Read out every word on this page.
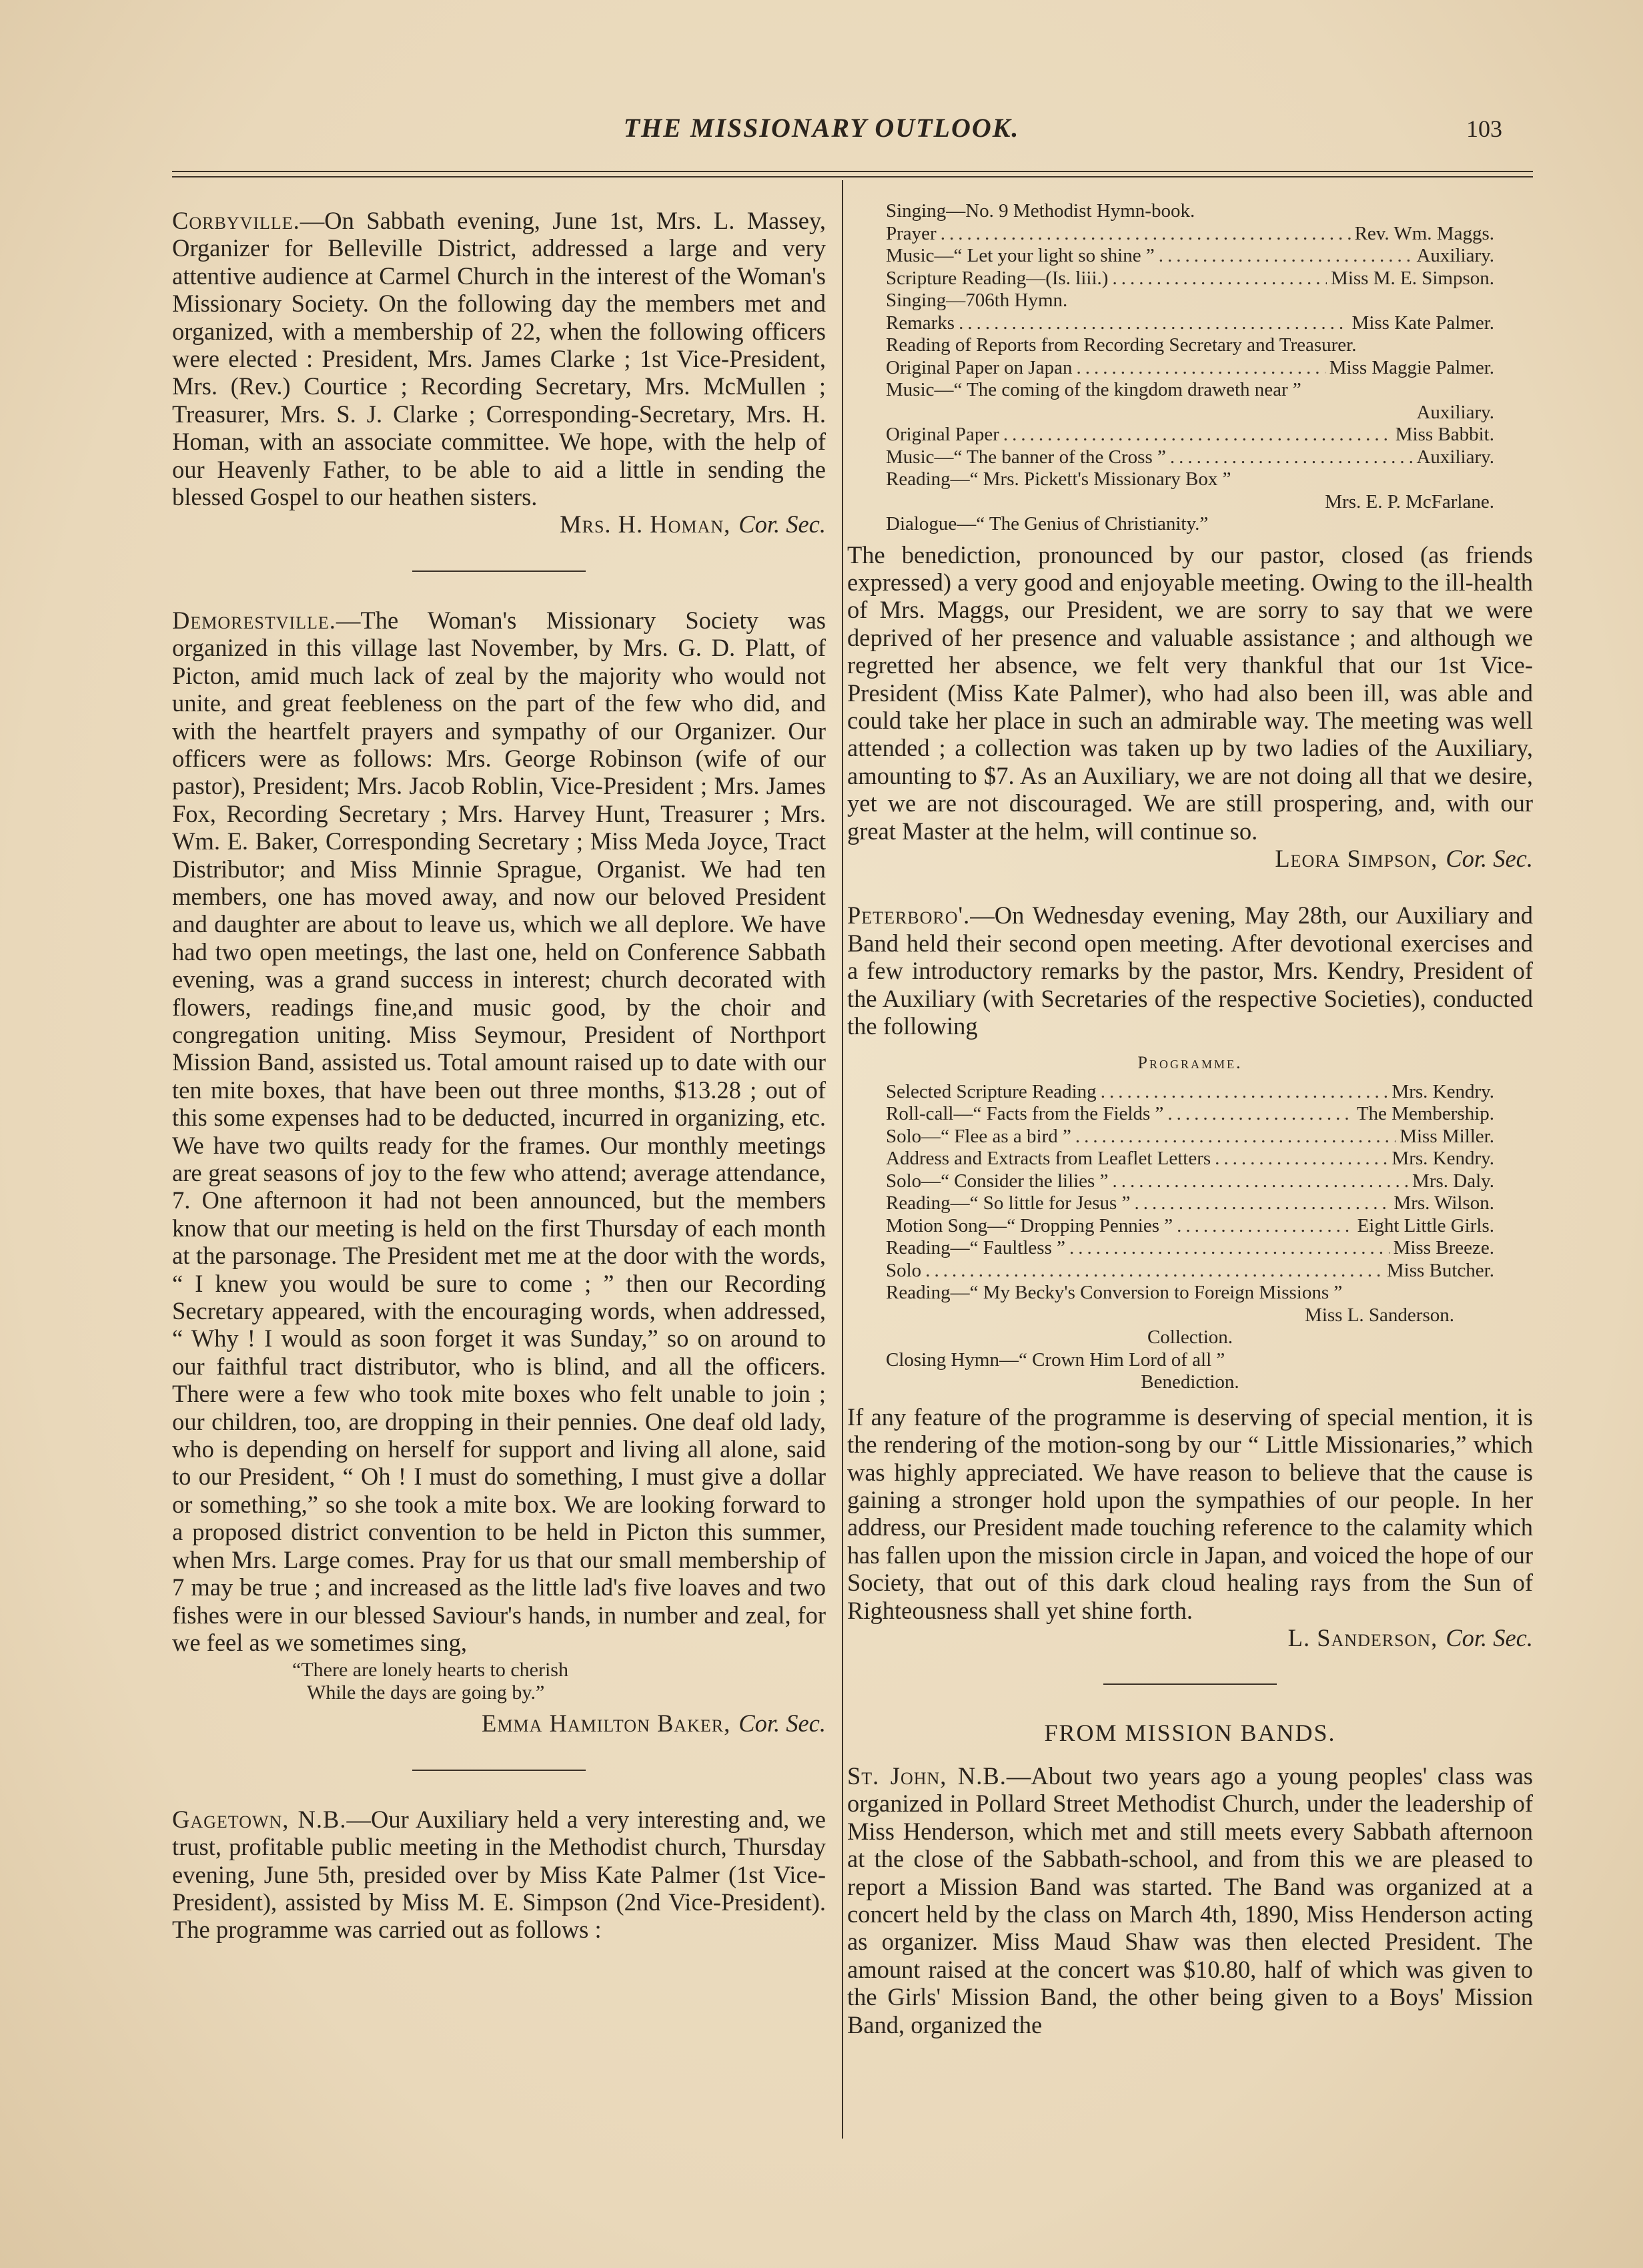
THE MISSIONARY OUTLOOK.	103

Corbyville.—On Sabbath evening, June 1st, Mrs. L. Massey, Organizer for Belleville District, addressed a large and very attentive audience at Carmel Church in the interest of the Woman's Missionary Society. On the following day the members met and organized, with a membership of 22, when the following officers were elected : President, Mrs. James Clarke ; 1st Vice-President, Mrs. (Rev.) Courtice ; Recording Secretary, Mrs. McMullen ; Treasurer, Mrs. S. J. Clarke ; Corresponding-Secretary, Mrs. H. Homan, with an associate committee. We hope, with the help of our Heavenly Father, to be able to aid a little in sending the blessed Gospel to our heathen sisters.

Mrs. H. Homan, Cor. Sec.

Demorestville.—The Woman's Missionary Society was organized in this village last November, by Mrs. G. D. Platt, of Picton, amid much lack of zeal by the majority who would not unite, and great feebleness on the part of the few who did, and with the heartfelt prayers and sympathy of our Organizer. Our officers were as follows: Mrs. George Robinson (wife of our pastor), President; Mrs. Jacob Roblin, Vice-President ; Mrs. James Fox, Recording Secretary ; Mrs. Harvey Hunt, Treasurer ; Mrs. Wm. E. Baker, Corresponding Secretary ; Miss Meda Joyce, Tract Distributor; and Miss Minnie Sprague, Organist. We had ten members, one has moved away, and now our beloved President and daughter are about to leave us, which we all deplore. We have had two open meetings, the last one, held on Conference Sabbath evening, was a grand success in interest; church decorated with flowers, readings fine,and music good, by the choir and congregation uniting. Miss Seymour, President of Northport Mission Band, assisted us. Total amount raised up to date with our ten mite boxes, that have been out three months, $13.28 ; out of this some expenses had to be deducted, incurred in organizing, etc. We have two quilts ready for the frames. Our monthly meetings are great seasons of joy to the few who attend; average attendance, 7. One afternoon it had not been announced, but the members know that our meeting is held on the first Thursday of each month at the parsonage. The President met me at the door with the words, “ I knew you would be sure to come ; ” then our Recording Secretary appeared, with the encouraging words, when addressed, “ Why ! I would as soon forget it was Sunday,” so on around to our faithful tract distributor, who is blind, and all the officers. There were a few who took mite boxes who felt unable to join ; our children, too, are dropping in their pennies. One deaf old lady, who is depending on herself for support and living all alone, said to our President, “ Oh ! I must do something, I must give a dollar or something,” so she took a mite box. We are looking forward to a proposed district convention to be held in Picton this summer, when Mrs. Large comes. Pray for us that our small membership of 7 may be true ; and increased as the little lad's five loaves and two fishes were in our blessed Saviour's hands, in number and zeal, for we feel as we sometimes sing,

“There are lonely hearts to cherish
While the days are going by.”

Emma Hamilton Baker, Cor. Sec.

Gagetown, N.B.—Our Auxiliary held a very interesting and, we trust, profitable public meeting in the Methodist church, Thursday evening, June 5th, presided over by Miss Kate Palmer (1st Vice-President), assisted by Miss M. E. Simpson (2nd Vice-President). The programme was carried out as follows :

Singing—No. 9 Methodist Hymn-book.
Prayer .....	Rev. Wm. Maggs.
Music—“ Let your light so shine ” .....	Auxiliary.
Scripture Reading—(Is. liii.) .....	Miss M. E. Simpson.
Singing—706th Hymn.
Remarks .....	Miss Kate Palmer.
Reading of Reports from Recording Secretary and Treasurer.
Original Paper on Japan .....	Miss Maggie Palmer.
Music—“ The coming of the kingdom draweth near ”
Auxiliary.
Original Paper .....	Miss Babbit.
Music—“ The banner of the Cross ” .....	Auxiliary.
Reading—“ Mrs. Pickett's Missionary Box ”
Mrs. E. P. McFarlane.
Dialogue—“ The Genius of Christianity.”

The benediction, pronounced by our pastor, closed (as friends expressed) a very good and enjoyable meeting. Owing to the ill-health of Mrs. Maggs, our President, we are sorry to say that we were deprived of her presence and valuable assistance ; and although we regretted her absence, we felt very thankful that our 1st Vice-President (Miss Kate Palmer), who had also been ill, was able and could take her place in such an admirable way. The meeting was well attended ; a collection was taken up by two ladies of the Auxiliary, amounting to $7. As an Auxiliary, we are not doing all that we desire, yet we are not discouraged. We are still prospering, and, with our great Master at the helm, will continue so.

Leora Simpson, Cor. Sec.

Peterboro'.—On Wednesday evening, May 28th, our Auxiliary and Band held their second open meeting. After devotional exercises and a few introductory remarks by the pastor, Mrs. Kendry, President of the Auxiliary (with Secretaries of the respective Societies), conducted the following

Programme.
Selected Scripture Reading .....	Mrs. Kendry.
Roll-call—“ Facts from the Fields ” .....	The Membership.
Solo—“ Flee as a bird ” .....	Miss Miller.
Address and Extracts from Leaflet Letters .....	Mrs. Kendry.
Solo—“ Consider the lilies ” .....	Mrs. Daly.
Reading—“ So little for Jesus ” .....	Mrs. Wilson.
Motion Song—“ Dropping Pennies ” .....	Eight Little Girls.
Reading—“ Faultless ” .....	Miss Breeze.
Solo .....	Miss Butcher.
Reading—“ My Becky's Conversion to Foreign Missions ”
Miss L. Sanderson.
Collection.
Closing Hymn—“ Crown Him Lord of all ”
Benediction.

If any feature of the programme is deserving of special mention, it is the rendering of the motion-song by our “ Little Missionaries,” which was highly appreciated. We have reason to believe that the cause is gaining a stronger hold upon the sympathies of our people. In her address, our President made touching reference to the calamity which has fallen upon the mission circle in Japan, and voiced the hope of our Society, that out of this dark cloud healing rays from the Sun of Righteousness shall yet shine forth.

L. Sanderson, Cor. Sec.

FROM MISSION BANDS.

St. John, N.B.—About two years ago a young peoples' class was organized in Pollard Street Methodist Church, under the leadership of Miss Henderson, which met and still meets every Sabbath afternoon at the close of the Sabbath-school, and from this we are pleased to report a Mission Band was started. The Band was organized at a concert held by the class on March 4th, 1890, Miss Henderson acting as organizer. Miss Maud Shaw was then elected President. The amount raised at the concert was $10.80, half of which was given to the Girls' Mission Band, the other being given to a Boys' Mission Band, organized the
